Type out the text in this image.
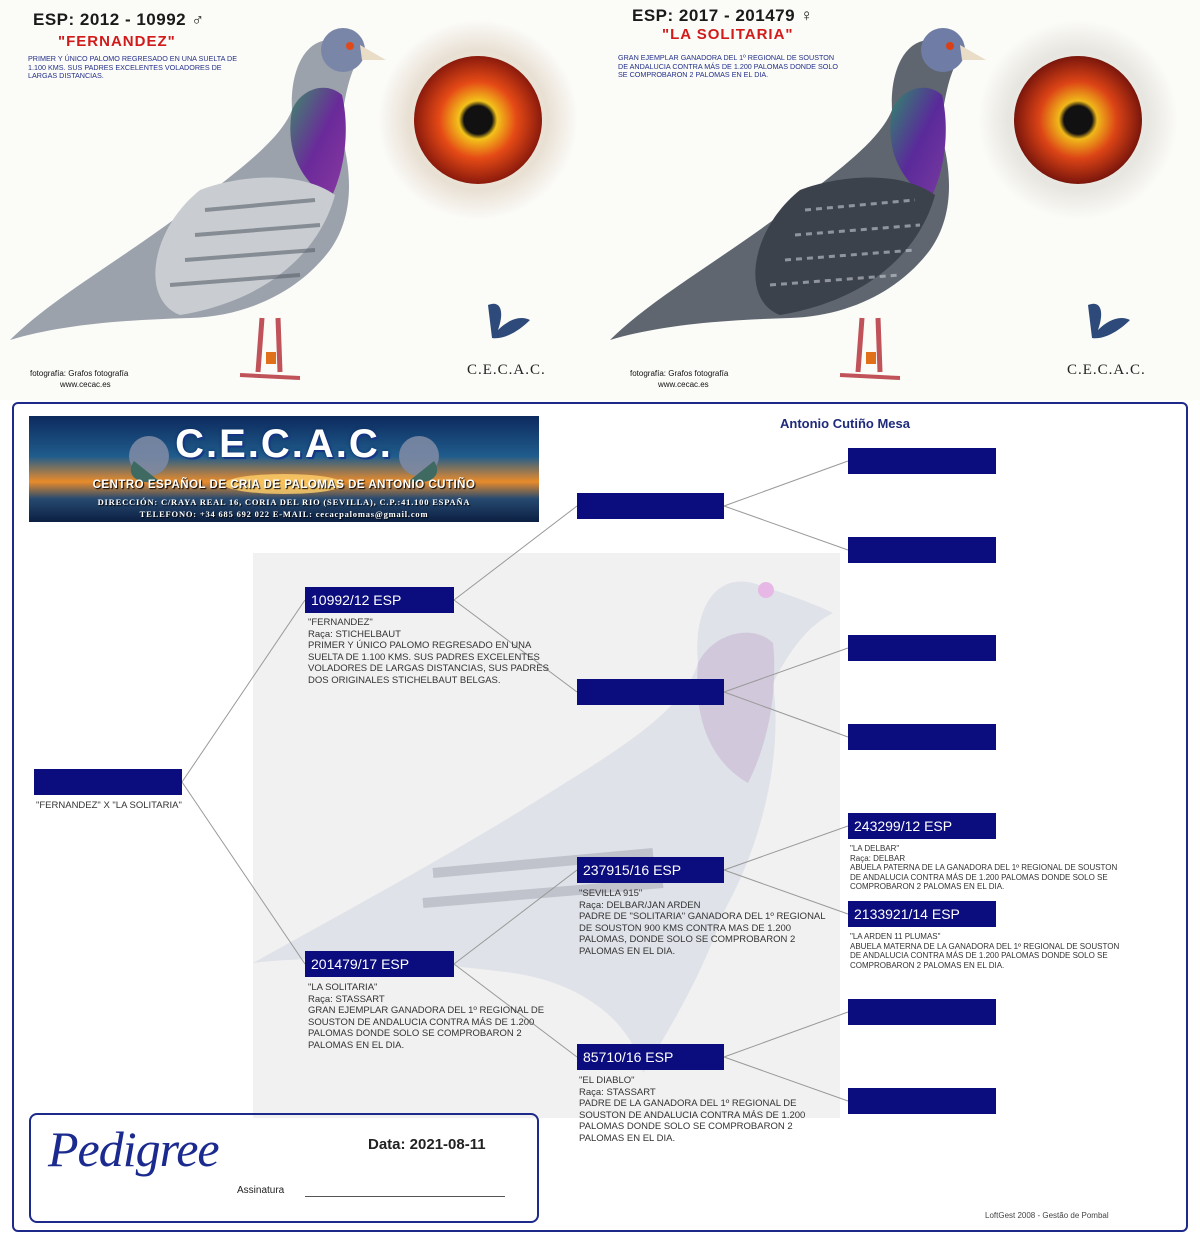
ESP: 2012 - 10992 ♂
"FERNANDEZ"
PRIMER Y ÚNICO PALOMO REGRESADO EN UNA SUELTA DE 1.100 KMS. SUS PADRES EXCELENTES VOLADORES DE LARGAS DISTANCIAS.
fotografía: Grafos fotografía
www.cecac.es
C.E.C.A.C.
ESP: 2017 - 201479 ♀
"LA SOLITARIA"
GRAN EJEMPLAR GANADORA DEL 1º REGIONAL DE SOUSTON DE ANDALUCIA CONTRA MÁS DE 1.200 PALOMAS DONDE SOLO SE COMPROBARON 2 PALOMAS EN EL DIA.
fotografía: Grafos fotografía
www.cecac.es
C.E.C.A.C.
Antonio Cutiño Mesa
C.E.C.A.C.
CENTRO ESPAÑOL DE CRIA DE PALOMAS DE ANTONIO CUTIÑO
DIRECCIÓN: C/RAYA REAL 16, CORIA DEL RIO (SEVILLA), C.P.:41.100 ESPAÑA
TELEFONO: +34 685 692 022 E-MAIL: cecacpalomas@gmail.com
"FERNANDEZ" X "LA SOLITARIA"
10992/12 ESP
"FERNANDEZ"
Raça: STICHELBAUT
PRIMER Y ÚNICO PALOMO REGRESADO EN UNA SUELTA DE 1.100 KMS. SUS PADRES EXCELENTES VOLADORES DE LARGAS DISTANCIAS, SUS PADRES DOS ORIGINALES STICHELBAUT BELGAS.
201479/17 ESP
"LA SOLITARIA"
Raça: STASSART
GRAN EJEMPLAR GANADORA DEL 1º REGIONAL DE SOUSTON DE ANDALUCIA CONTRA MÁS DE 1.200 PALOMAS DONDE SOLO SE COMPROBARON 2 PALOMAS EN EL DIA.
237915/16 ESP
"SEVILLA 915"
Raça: DELBAR/JAN ARDEN
PADRE DE "SOLITARIA" GANADORA DEL 1º REGIONAL DE SOUSTON 900 KMS CONTRA MAS DE 1.200 PALOMAS, DONDE SOLO SE COMPROBARON 2 PALOMAS EN EL DIA.
85710/16 ESP
"EL DIABLO"
Raça: STASSART
PADRE DE LA GANADORA DEL 1º REGIONAL DE SOUSTON DE ANDALUCIA CONTRA MÁS DE 1.200 PALOMAS DONDE SOLO SE COMPROBARON 2 PALOMAS EN EL DIA.
243299/12 ESP
"LA DELBAR"
Raça: DELBAR
ABUELA PATERNA DE LA GANADORA DEL 1º REGIONAL DE SOUSTON DE ANDALUCIA CONTRA MÁS DE 1.200 PALOMAS DONDE SOLO SE COMPROBARON 2 PALOMAS EN EL DIA.
2133921/14 ESP
"LA ARDEN 11 PLUMAS"
ABUELA MATERNA DE LA GANADORA DEL 1º REGIONAL DE SOUSTON DE ANDALUCIA CONTRA MÁS DE 1.200 PALOMAS DONDE SOLO SE COMPROBARON 2 PALOMAS EN EL DIA.
Pedigree	Data: 2021-08-11
Assinatura
LoftGest 2008 - Gestão de Pombal
